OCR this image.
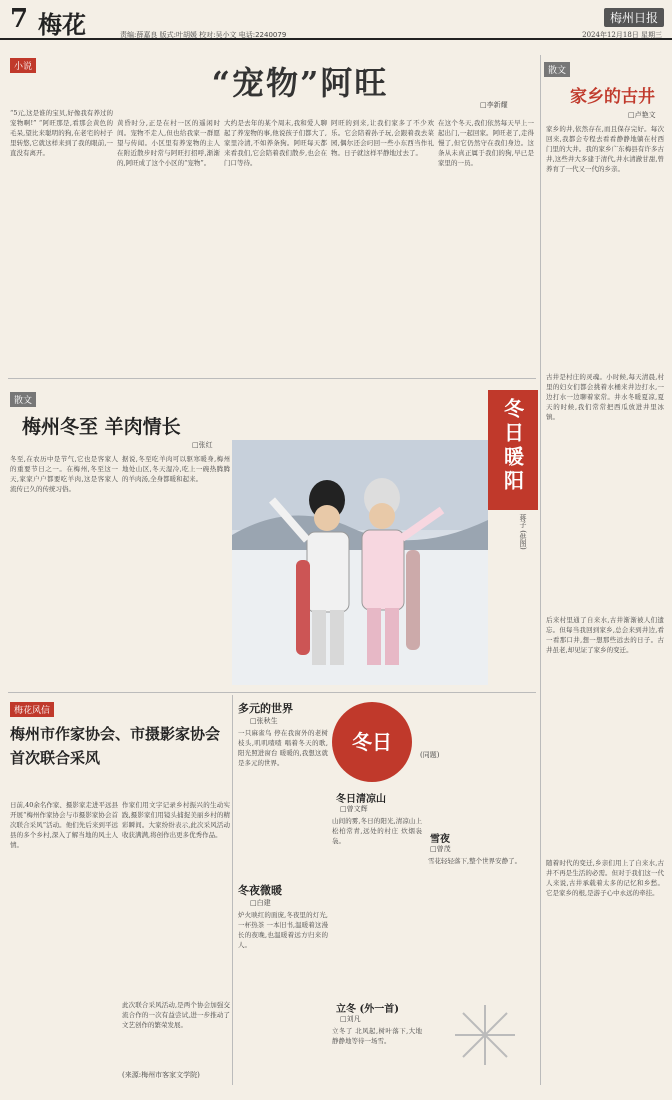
7 梅花	责编:薛嘉良 版式:叶胡媛 校对:吴小文 电话:2240079
梅州日报
2024年12月18日 星期三
小说	“宠物”阿旺
□李新耀
“5元,这是谁的宝贝,好像我有养过的宠物啊!” “阿旺那是,看那会黄色的毛呆,望比来聪明的狗,在老宅的村子里转悠,它就这样来到了我的眼前,一直没有离开。
黄昏时分,正是在村一区的遥闲时间。宠物不走人,但也给我家一群愿望与传闻。小区里有养宠物的主人在附近散步时常与阿旺打招呼,渐渐的,阿旺成了这个小区的“宠物”。
大约是去年的某个周末,我和爱人聊起了养宠物的事,他说孩子们都大了,家里冷清,不如养条狗。阿旺每天都来看我们,它会陪着我们散步,也会在门口等待。
阿旺的到来,让我们家多了不少欢乐。它会陪着孙子玩,会跟着我去菜园,偶尔还会叼回一些小东西当作礼物。日子就这样平静地过去了。
在这个冬天,我们依然每天早上一起出门,一起回家。阿旺老了,走得慢了,但它仍然守在我们身边。这条从未真正属于我们的狗,早已是家里的一员。
散文
家乡的古井
□卢艳文
家乡的井,依然存在,而且保存完好。每次回来,我都会专程去看看静静地躺在村西门里的大井。我的家乡广东梅县有许多古井,这些井大多建于清代,井水清澈甘甜,曾养育了一代又一代的乡亲。
古井是村庄的灵魂。小时候,每天清晨,村里的妇女们都会挑着水桶来井边打水,一边打水一边聊着家常。井水冬暖夏凉,夏天的时候,我们常常把西瓜放进井里冰镇。
后来村里通了自来水,古井渐渐被人们遗忘。但每当我回到家乡,总会来到井边,看一看那口井,想一想那些远去的日子。古井虽老,却见证了家乡的变迁。
随着时代的变迁,乡亲们用上了自来水,古井不再是生活的必需。但对于我们这一代人来说,古井承载着太多的记忆和乡愁。它是家乡的根,是游子心中永远的牵挂。
散文
梅州冬至 羊肉情长
□张红
冬至,在农历中是节气,它也是客家人的重要节日之一。在梅州,冬至这一天,家家户户都要吃羊肉,这是客家人流传已久的传统习俗。
据说,冬至吃羊肉可以驱寒暖身,梅州地处山区,冬天湿冷,吃上一碗热腾腾的羊肉汤,全身都暖和起来。	冬日暖阳
蒋子 (供图)
梅花风信
梅州市作家协会、市摄影家协会首次联合采风
日前,40余名作家、摄影家走进平远县开展“梅州作家协会与市摄影家协会首次联合采风”活动。他们先后来到平远县的多个乡村,深入了解当地的风土人情。
作家们用文字记录乡村振兴的生动实践,摄影家们用镜头捕捉美丽乡村的精彩瞬间。大家纷纷表示,此次采风活动收获满满,将创作出更多优秀作品。
此次联合采风活动,是两个协会加强交流合作的一次有益尝试,进一步推动了文艺创作的繁荣发展。
(来源:梅州市客家文学院)
多元的世界
□张秋生
一只麻雀鸟 停在我窗外的老树枝头,叽叽喳喳 唱着冬天的歌,阳光照进窗台 暖暖的,我想这就是多元的世界。
冬夜微暖
□白建
炉火映红的面庞,冬夜里的灯光,一杯热茶 一本旧书,温暖着这漫长的夜晚,也温暖着远方归来的人。
冬日
(同题)
冬日清凉山
□曾文辉
山间的雾,冬日的阳光,清凉山上 松柏常青,远处的村庄 炊烟袅袅。	雪夜
□曾茂
雪花轻轻落下,整个世界安静了。
立冬 (外一首)
□刘凡
立冬了 北风起,树叶落下,大地静静地等待一场雪。
